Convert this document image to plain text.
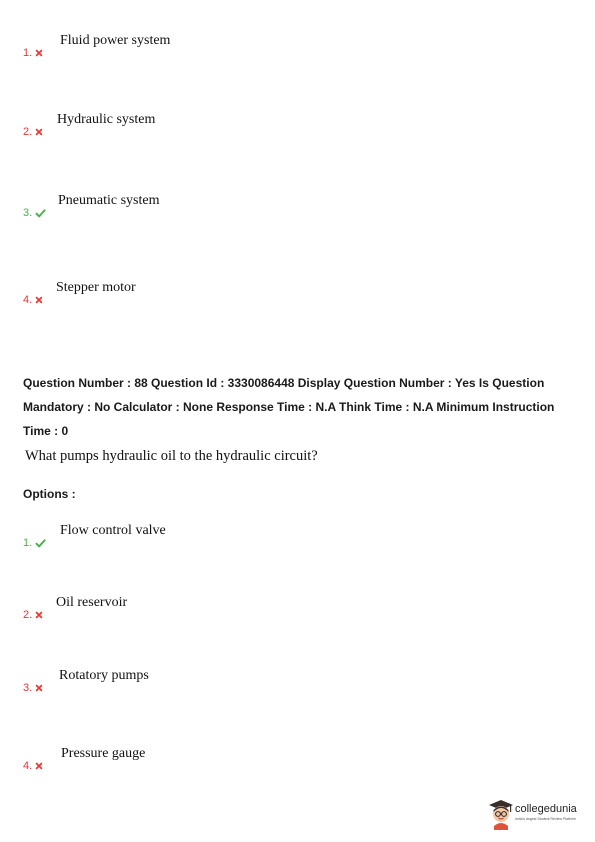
Fluid power system
1.
Hydraulic system
2.
Pneumatic system
3.
Stepper motor
4.
Question Number : 88 Question Id : 3330086448 Display Question Number : Yes Is Question
Mandatory : No Calculator : None Response Time : N.A Think Time : N.A Minimum Instruction
Time : 0
What pumps hydraulic oil to the hydraulic circuit?
Options :
Flow control valve
1.
Oil reservoir
2.
Rotatory pumps
3.
Pressure gauge
4.
collegedunia
India's largest Student Review Platform
